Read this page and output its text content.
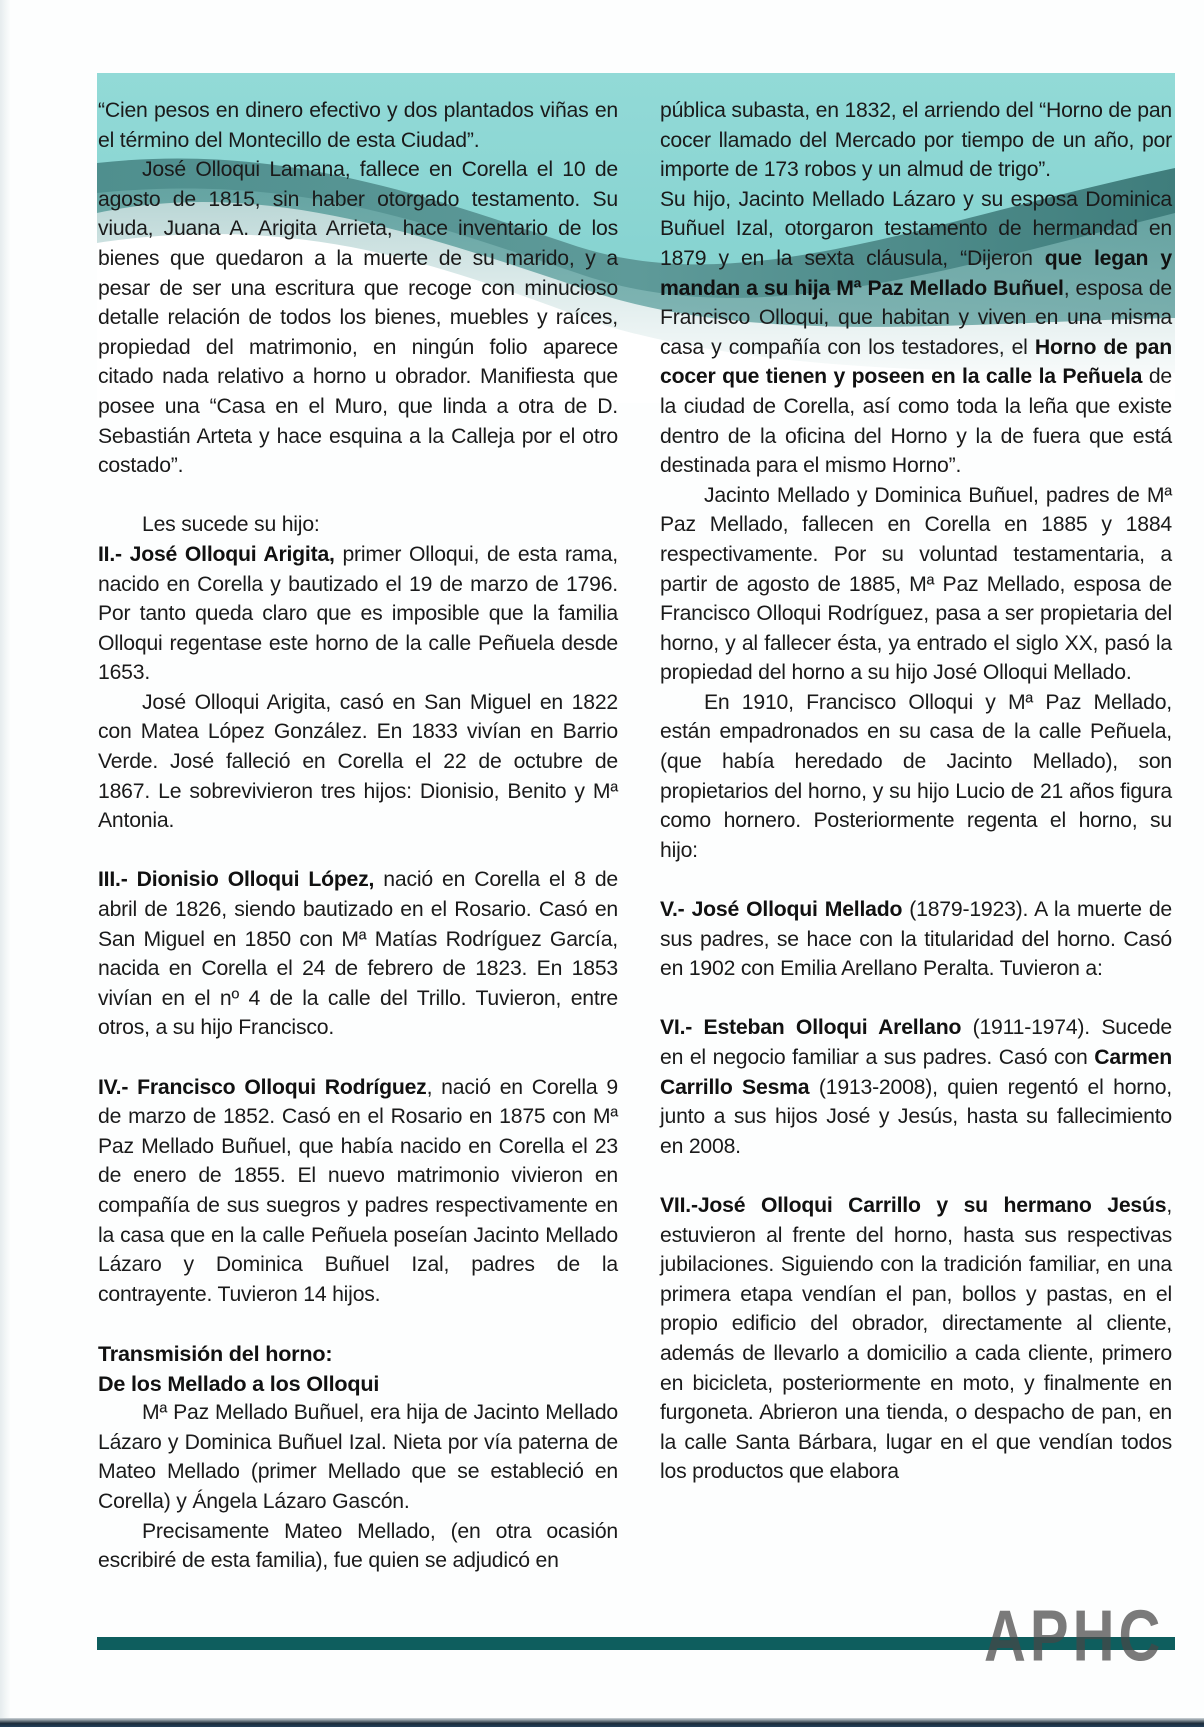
“Cien pesos en dinero efectivo y dos plantados viñas en el término del Montecillo de esta Ciudad”.

José Olloqui Lamana, fallece en Corella el 10 de agosto de 1815, sin haber otorgado testamento. Su viuda, Juana A. Arigita Arrieta, hace inventario de los bienes que quedaron a la muerte de su marido, y a pesar de ser una escritura que recoge con minucioso detalle relación de todos los bienes, muebles y raíces, propiedad del matrimonio, en ningún folio aparece citado nada relativo a horno u obrador. Manifiesta que posee una “Casa en el Muro, que linda a otra de D. Sebastián Arteta y hace esquina a la Calleja por el otro costado”.

Les sucede su hijo:

II.- José Olloqui Arigita, primer Olloqui, de esta rama, nacido en Corella y bautizado el 19 de marzo de 1796. Por tanto queda claro que es imposible que la familia Olloqui regentase este horno de la calle Peñuela desde 1653.

José Olloqui Arigita, casó en San Miguel en 1822 con Matea López González. En 1833 vivían en Barrio Verde. José falleció en Corella el 22 de octubre de 1867. Le sobrevivieron tres hijos: Dionisio, Benito y Mª Antonia.

III.- Dionisio Olloqui López, nació en Corella el 8 de abril de 1826, siendo bautizado en el Rosario. Casó en San Miguel en 1850 con Mª Matías Rodríguez García, nacida en Corella el 24 de febrero de 1823. En 1853 vivían en el nº 4 de la calle del Trillo. Tuvieron, entre otros, a su hijo Francisco.

IV.- Francisco Olloqui Rodríguez, nació en Corella 9 de marzo de 1852. Casó en el Rosario en 1875 con Mª Paz Mellado Buñuel, que había nacido en Corella el 23 de enero de 1855. El nuevo matrimonio vivieron en compañía de sus suegros y padres respectivamente en la casa que en la calle Peñuela poseían Jacinto Mellado Lázaro y Dominica Buñuel Izal, padres de la contrayente. Tuvieron 14 hijos.

Transmisión del horno:
De los Mellado a los Olloqui

Mª Paz Mellado Buñuel, era hija de Jacinto Mellado Lázaro y Dominica Buñuel Izal. Nieta por vía paterna de Mateo Mellado (primer Mellado que se estableció en Corella) y Ángela Lázaro Gascón.

Precisamente Mateo Mellado, (en otra ocasión escribiré de esta familia), fue quien se adjudicó en

pública subasta, en 1832, el arriendo del “Horno de pan cocer llamado del Mercado por tiempo de un año, por importe de 173 robos y un almud de trigo”.

Su hijo, Jacinto Mellado Lázaro y su esposa Dominica Buñuel Izal, otorgaron testamento de hermandad en 1879 y en la sexta cláusula, “Dijeron que legan y mandan a su hija Mª Paz Mellado Buñuel, esposa de Francisco Olloqui, que habitan y viven en una misma casa y compañía con los testadores, el Horno de pan cocer que tienen y poseen en la calle la Peñuela de la ciudad de Corella, así como toda la leña que existe dentro de la oficina del Horno y la de fuera que está destinada para el mismo Horno”.

Jacinto Mellado y Dominica Buñuel, padres de Mª Paz Mellado, fallecen en Corella en 1885 y 1884 respectivamente. Por su voluntad testamentaria, a partir de agosto de 1885, Mª Paz Mellado, esposa de Francisco Olloqui Rodríguez, pasa a ser propietaria del horno, y al fallecer ésta, ya entrado el siglo XX, pasó la propiedad del horno a su hijo José Olloqui Mellado.

En 1910, Francisco Olloqui y Mª Paz Mellado, están empadronados en su casa de la calle Peñuela, (que había heredado de Jacinto Mellado), son propietarios del horno, y su hijo Lucio de 21 años figura como hornero. Posteriormente regenta el horno, su hijo:

V.- José Olloqui Mellado (1879-1923). A la muerte de sus padres, se hace con la titularidad del horno. Casó en 1902 con Emilia Arellano Peralta. Tuvieron a:

VI.- Esteban Olloqui Arellano (1911-1974). Sucede en el negocio familiar a sus padres. Casó con Carmen Carrillo Sesma (1913-2008), quien regentó el horno, junto a sus hijos José y Jesús, hasta su fallecimiento en 2008.

VII.-José Olloqui Carrillo y su hermano Jesús, estuvieron al frente del horno, hasta sus respectivas jubilaciones. Siguiendo con la tradición familiar, en una primera etapa vendían el pan, bollos y pastas, en el propio edificio del obrador, directamente al cliente, además de llevarlo a domicilio a cada cliente, primero en bicicleta, posteriormente en moto, y finalmente en furgoneta. Abrieron una tienda, o despacho de pan, en la calle Santa Bárbara, lugar en el que vendían todos los productos que elabora

APHC
